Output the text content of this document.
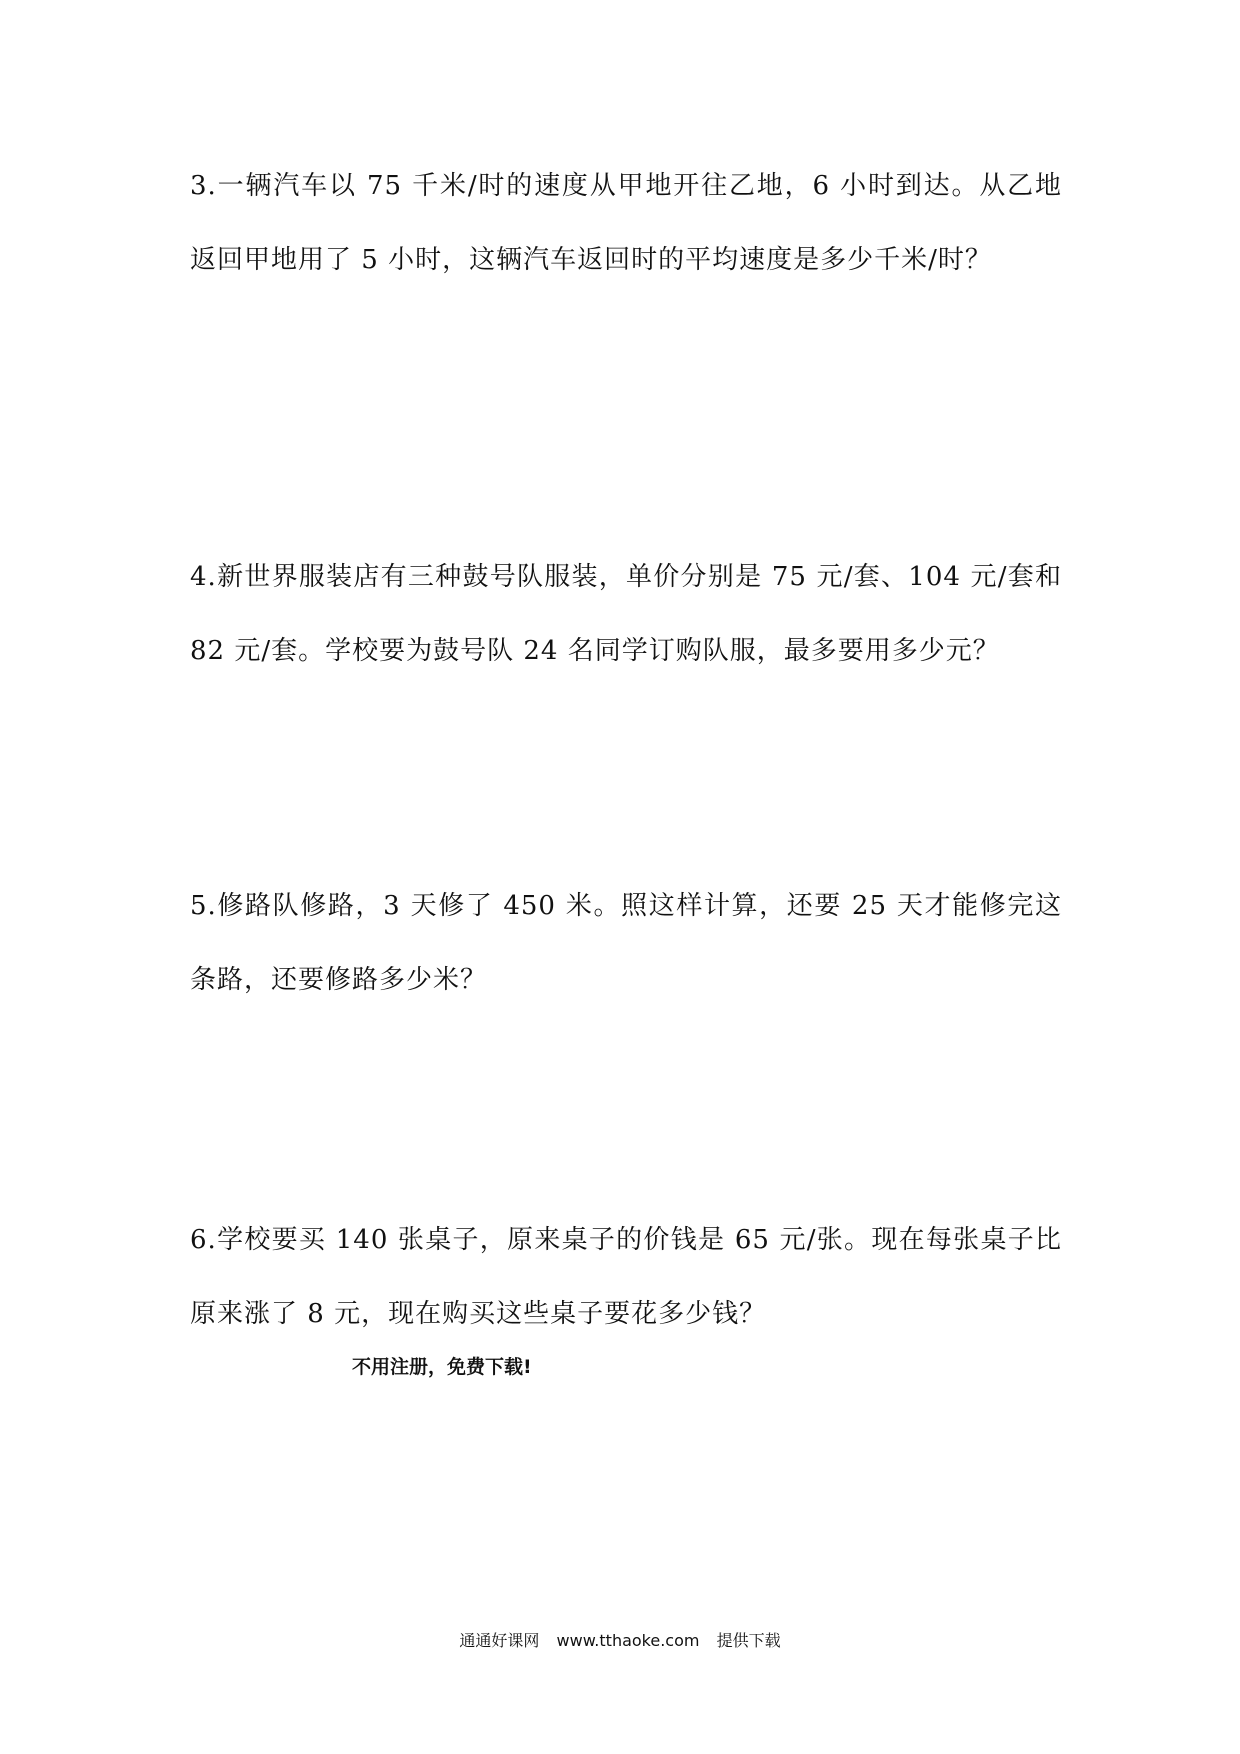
3.一辆汽车以 75 千米/时的速度从甲地开往乙地，6 小时到达。从乙地返回甲地用了 5 小时，这辆汽车返回时的平均速度是多少千米/时？

4.新世界服装店有三种鼓号队服装，单价分别是 75 元/套、104 元/套和 82 元/套。学校要为鼓号队 24 名同学订购队服，最多要用多少元？

5.修路队修路，3 天修了 450 米。照这样计算，还要 25 天才能修完这条路，还要修路多少米？

6.学校要买 140 张桌子，原来桌子的价钱是 65 元/张。现在每张桌子比原来涨了 8 元，现在购买这些桌子要花多少钱？

不用注册，免费下载!

通通好课网 www.tthaoke.com 提供下载
